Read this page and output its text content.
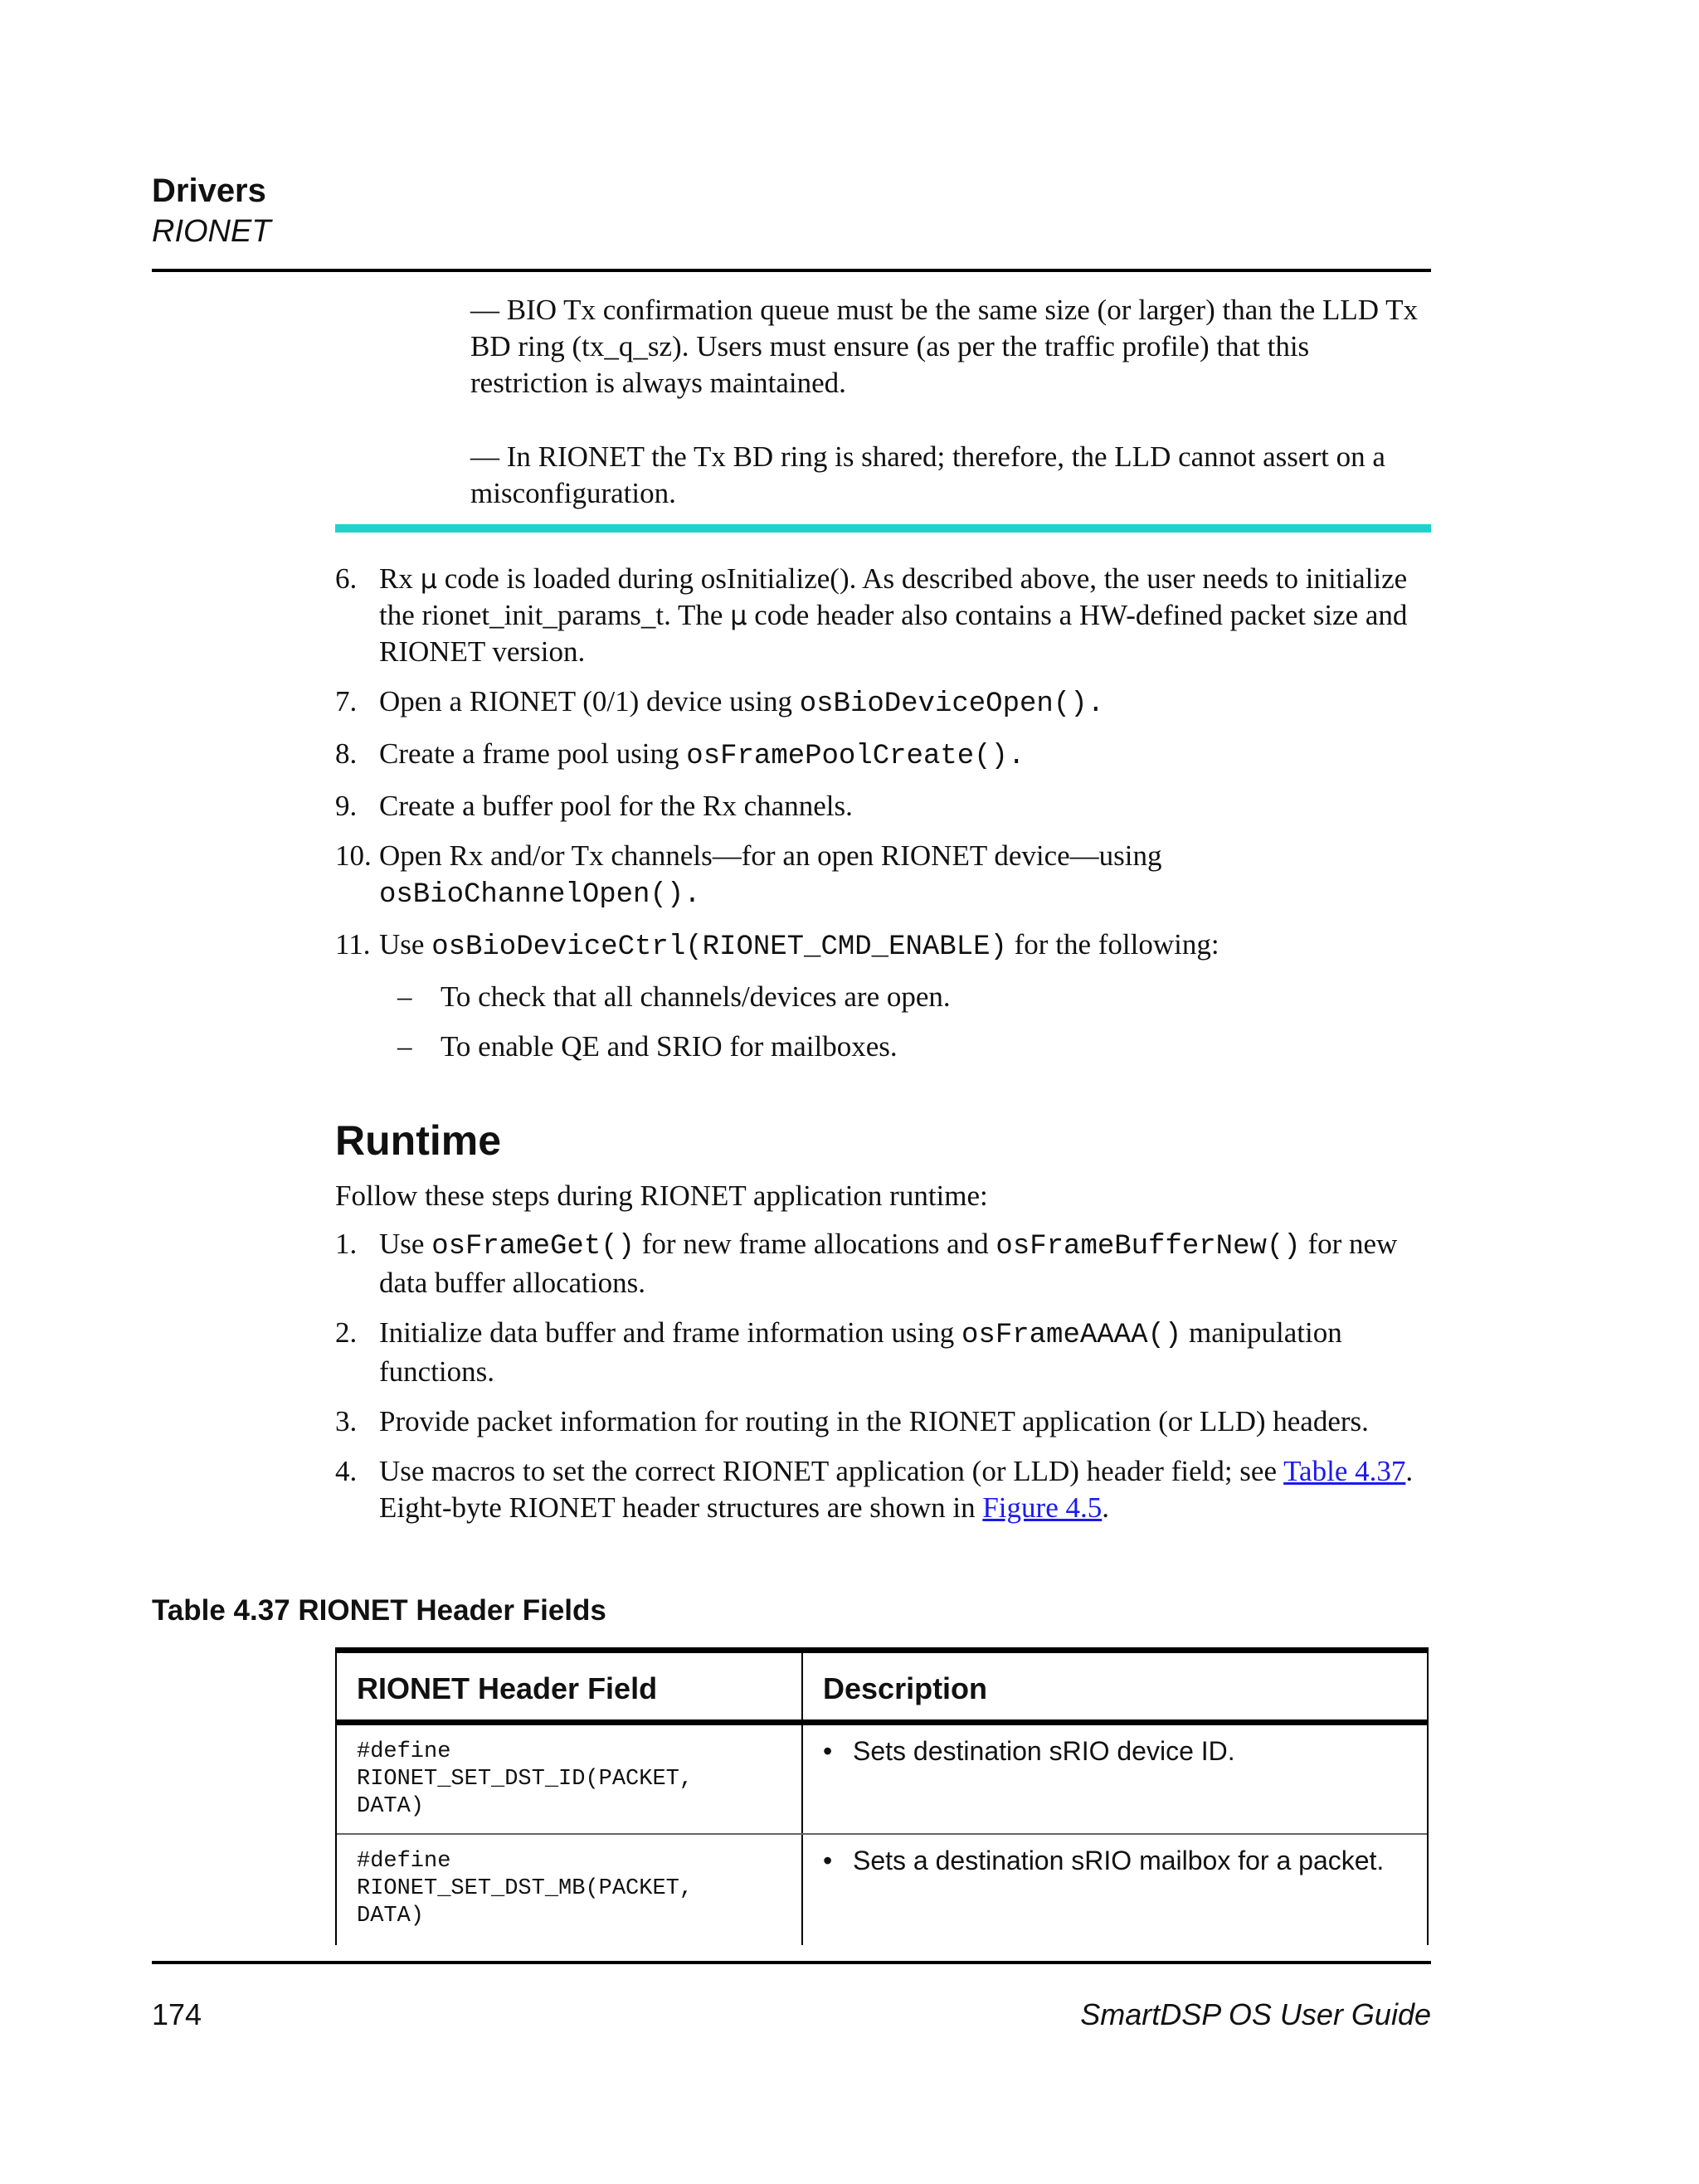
Drivers
RIONET
— BIO Tx confirmation queue must be the same size (or larger) than the LLD Tx BD ring (tx_q_sz). Users must ensure (as per the traffic profile) that this restriction is always maintained.
— In RIONET the Tx BD ring is shared; therefore, the LLD cannot assert on a misconfiguration.
6. Rx µ code is loaded during osInitialize(). As described above, the user needs to initialize the rionet_init_params_t. The µ code header also contains a HW-defined packet size and RIONET version.
7. Open a RIONET (0/1) device using osBioDeviceOpen().
8. Create a frame pool using osFramePoolCreate().
9. Create a buffer pool for the Rx channels.
10. Open Rx and/or Tx channels—for an open RIONET device—using
osBioChannelOpen().
11. Use osBioDeviceCtrl(RIONET_CMD_ENABLE) for the following:
– To check that all channels/devices are open.
– To enable QE and SRIO for mailboxes.
Runtime
Follow these steps during RIONET application runtime:
1. Use osFrameGet() for new frame allocations and osFrameBufferNew() for new data buffer allocations.
2. Initialize data buffer and frame information using osFrameAAAA() manipulation functions.
3. Provide packet information for routing in the RIONET application (or LLD) headers.
4. Use macros to set the correct RIONET application (or LLD) header field; see Table 4.37. Eight-byte RIONET header structures are shown in Figure 4.5.
Table 4.37 RIONET Header Fields
RIONET Header Field	Description
#define
RIONET_SET_DST_ID(PACKET,
DATA)
• Sets destination sRIO device ID.
#define
RIONET_SET_DST_MB(PACKET,
DATA)
• Sets a destination sRIO mailbox for a packet.
174	SmartDSP OS User Guide
